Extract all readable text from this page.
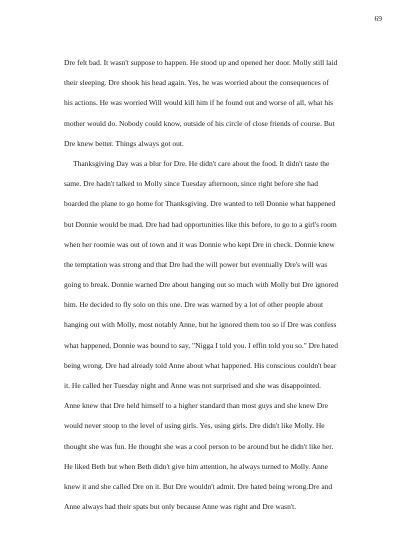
69
Dre felt bad. It wasn't suppose to happen. He stood up and opened her door. Molly still laid
their sleeping. Dre shook his head again. Yes, he was worried about the consequences of
his actions. He was worried Will would kill him if he found out and worse of all, what his
mother would do. Nobody could know, outside of his circle of close friends of course. But
Dre knew better. Things always got out.
Thanksgiving Day was a blur for Dre. He didn't care about the food. It didn't taste the
same. Dre hadn't talked to Molly since Tuesday afternoon, since right before she had
boarded the plane to go home for Thanksgiving. Dre wanted to tell Donnie what happened
but Donnie would be mad. Dre had had opportunities like this before, to go to a girl's room
when her roomie was out of town and it was Donnie who kept Dre in check. Donnie knew
the temptation was strong and that Dre had the will power but eventually Dre's will was
going to break. Donnie warned Dre about hanging out so much with Molly but Dre ignored
him. He decided to fly solo on this one. Dre was warned by a lot of other people about
hanging out with Molly, most notably Anne, but he ignored them too so if Dre was confess
what happened, Donnie was bound to say, "Nigga I told you. I effin told you so." Dre hated
being wrong. Dre had already told Anne about what happened. His conscious couldn't bear
it. He called her Tuesday night and Anne was not surprised and she was disappointed.
Anne knew that Dre held himself to a higher standard than most guys and she knew Dre
would never stoop to the level of using girls. Yes, using girls. Dre didn't like Molly. He
thought she was fun. He thought she was a cool person to be around but he didn't like her.
He liked Beth but when Beth didn't give him attention, he always turned to Molly. Anne
knew it and she called Dre on it. But Dre wouldn't admit. Dre hated being wrong.Dre and
Anne always had their spats but only because Anne was right and Dre wasn't.
